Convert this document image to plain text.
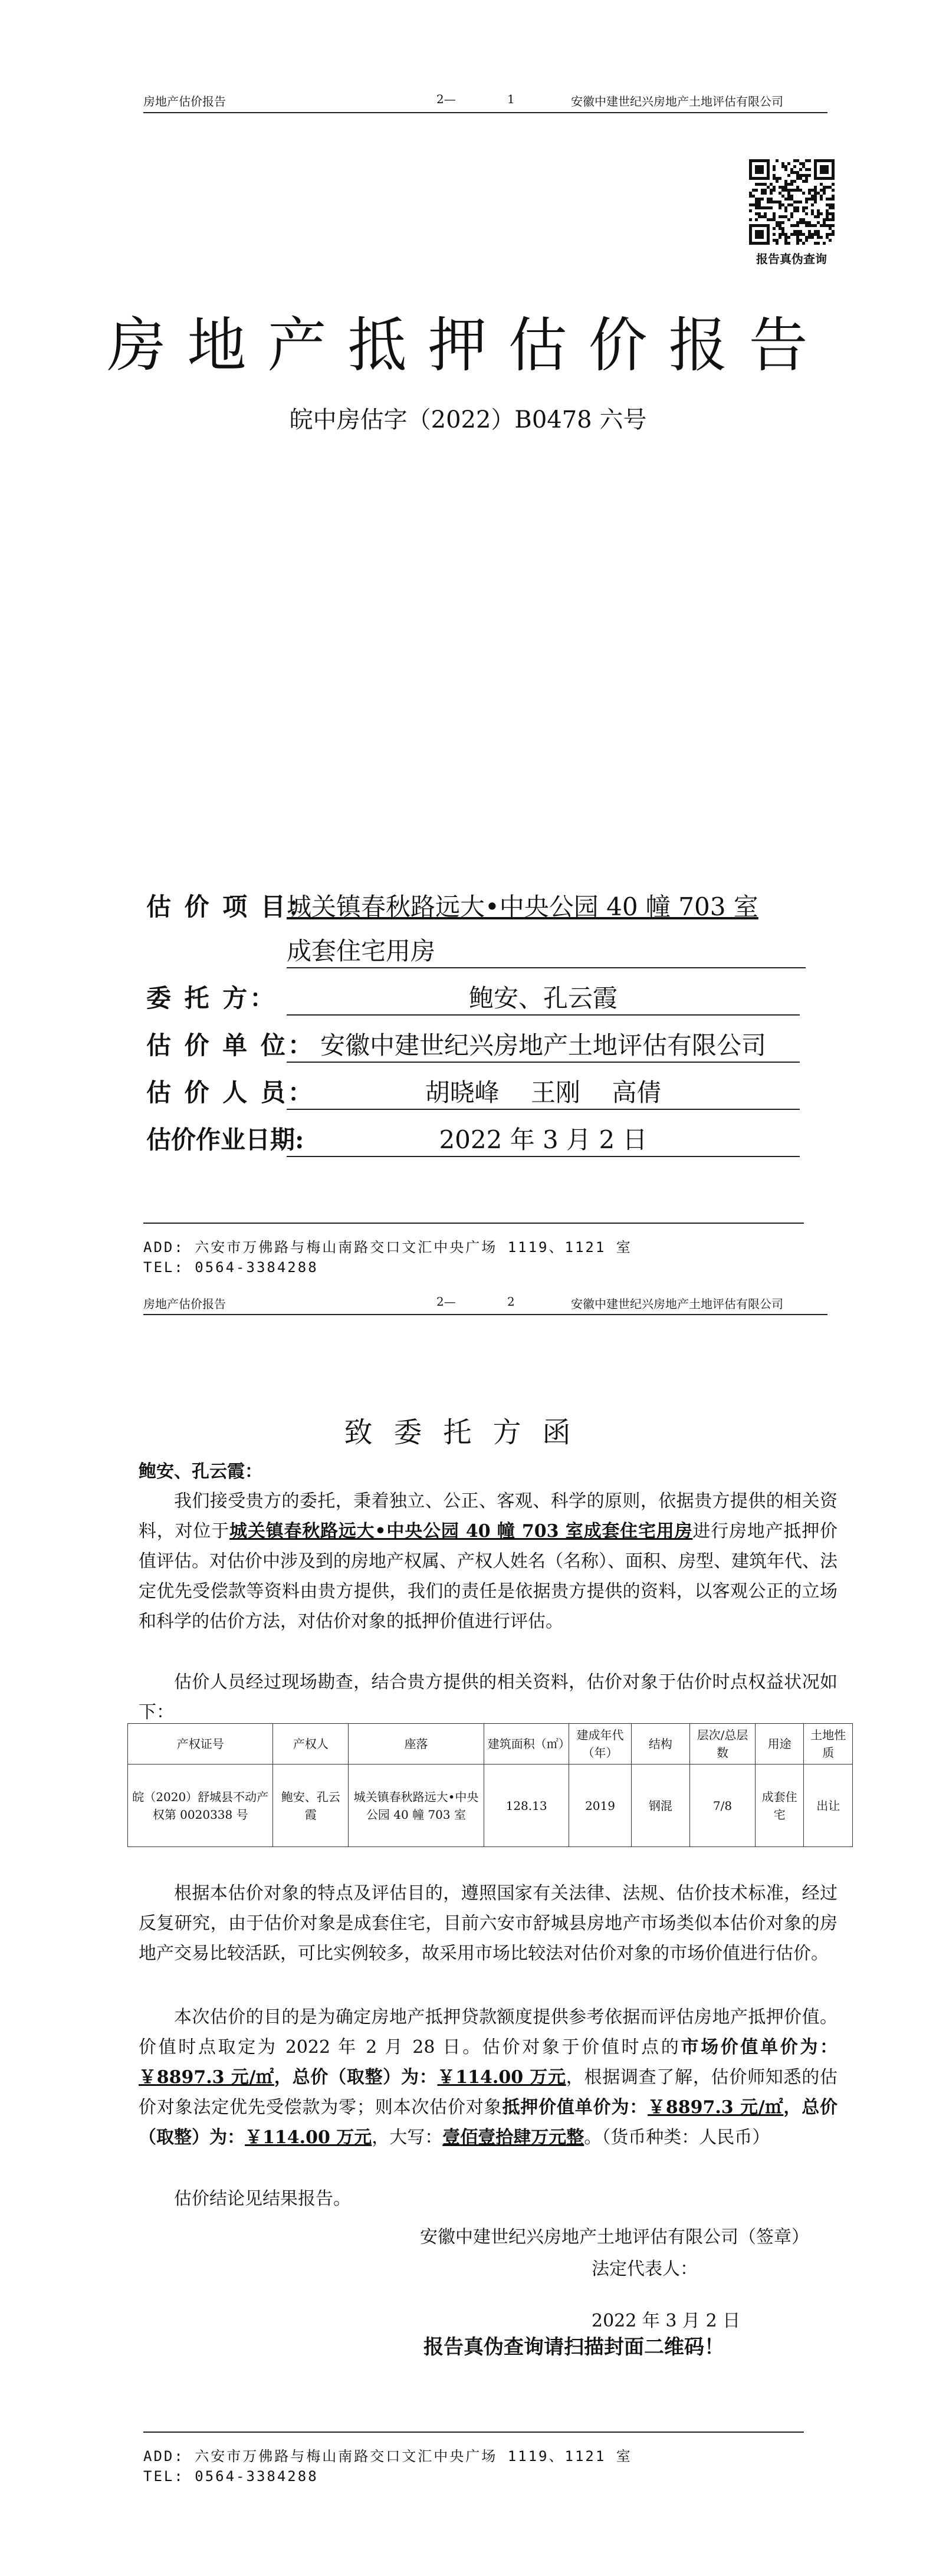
房地产估价报告	2—	1	安徽中建世纪兴房地产土地评估有限公司
报告真伪查询
房地产抵押估价报告
皖中房估字（2022）B0478 六号
估 价 项 目：
城关镇春秋路远大•中央公园 40 幢 703 室
成套住宅用房
委 托 方：	鲍安、孔云霞
估 价 单 位： 安徽中建世纪兴房地产土地评估有限公司
估 价 人 员：	胡晓峰    王刚    高倩
估价作业日期:	2022 年 3 月 2 日
ADD: 六安市万佛路与梅山南路交口文汇中央广场 1119、1121 室
TEL: 0564-3384288
房地产估价报告	2—	2	安徽中建世纪兴房地产土地评估有限公司
致委托方函
鲍安、孔云霞：
我们接受贵方的委托，秉着独立、公正、客观、科学的原则，依据贵方提供的相关资料，对位于城关镇春秋路远大•中央公园 40 幢 703 室成套住宅用房进行房地产抵押价值评估。对估价中涉及到的房地产权属、产权人姓名（名称）、面积、房型、建筑年代、法定优先受偿款等资料由贵方提供，我们的责任是依据贵方提供的资料，以客观公正的立场和科学的估价方法，对估价对象的抵押价值进行评估。
估价人员经过现场勘查，结合贵方提供的相关资料，估价对象于估价时点权益状况如下：
产权证号	产权人	座落	建筑面积（㎡）	建成年代（年）	结构	层次/总层数	用途	土地性质
皖（2020）舒城县不动产权第 0020338 号	鲍安、孔云霞	城关镇春秋路远大•中央公园 40 幢 703 室	128.13	2019	钢混	7/8	成套住宅	出让
根据本估价对象的特点及评估目的，遵照国家有关法律、法规、估价技术标准，经过反复研究，由于估价对象是成套住宅，目前六安市舒城县房地产市场类似本估价对象的房地产交易比较活跃，可比实例较多，故采用市场比较法对估价对象的市场价值进行估价。
本次估价的目的是为确定房地产抵押贷款额度提供参考依据而评估房地产抵押价值。价值时点取定为 2022 年 2 月 28 日。估价对象于价值时点的市场价值单价为：￥8897.3 元/㎡，总价（取整）为：￥114.00 万元，根据调查了解，估价师知悉的估价对象法定优先受偿款为零；则本次估价对象抵押价值单价为：￥8897.3 元/㎡，总价（取整）为：￥114.00 万元，大写：壹佰壹拾肆万元整。（货币种类：人民币）
估价结论见结果报告。
安徽中建世纪兴房地产土地评估有限公司（签章）
法定代表人：
2022 年 3 月 2 日
报告真伪查询请扫描封面二维码！
ADD: 六安市万佛路与梅山南路交口文汇中央广场 1119、1121 室
TEL: 0564-3384288
